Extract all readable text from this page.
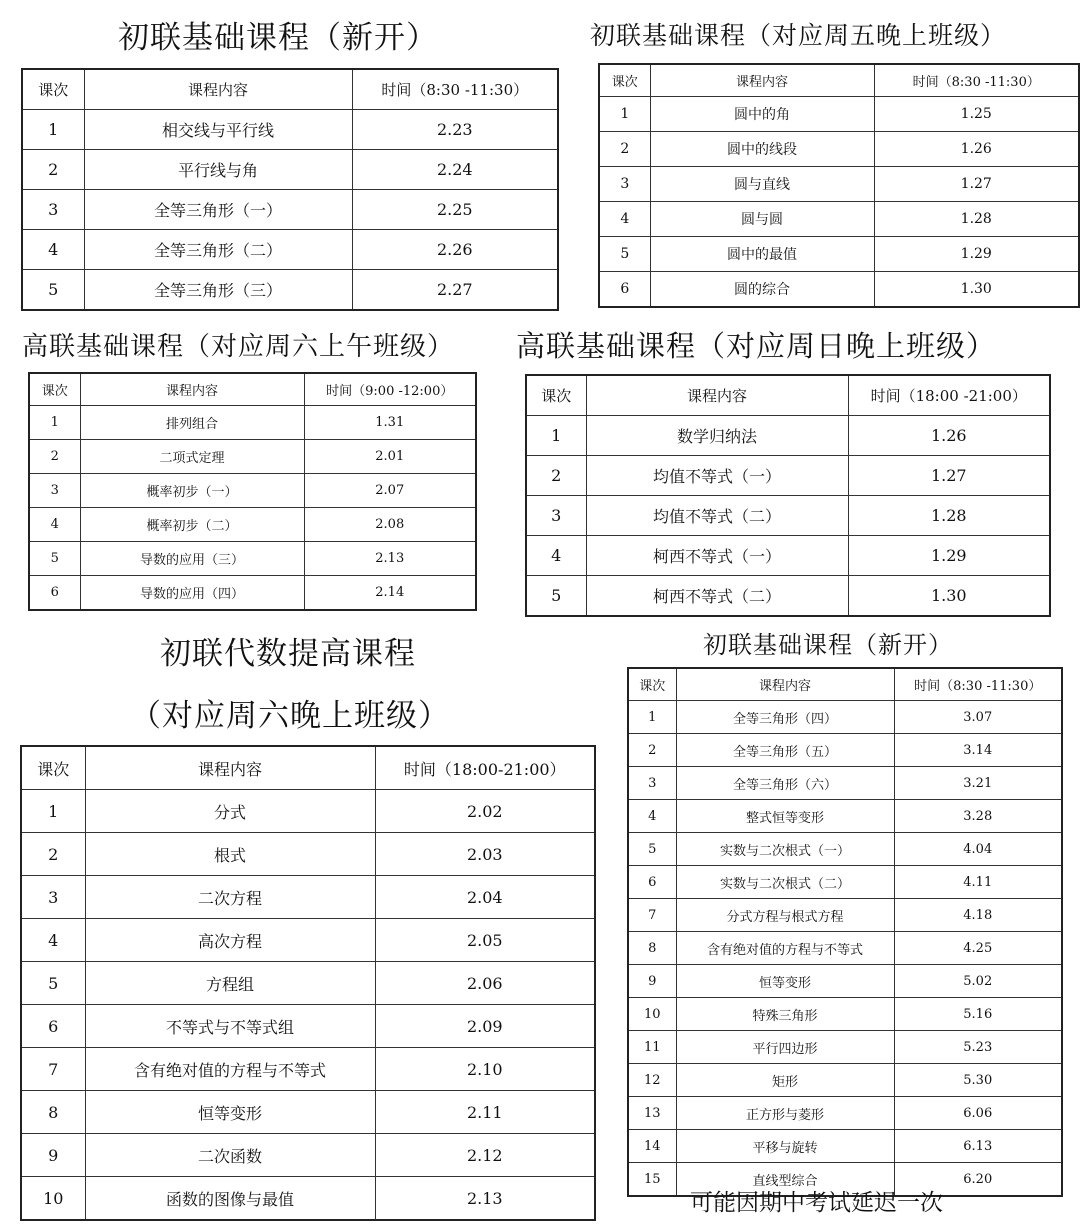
初联基础课程（新开）
课次	课程内容	时间（8:30 -11:30）
1	相交线与平行线	2.23
2	平行线与角	2.24
3	全等三角形（一）	2.25
4	全等三角形（二）	2.26
5	全等三角形（三）	2.27
初联基础课程（对应周五晚上班级）
课次	课程内容	时间（8:30 -11:30）
1	圆中的角	1.25
2	圆中的线段	1.26
3	圆与直线	1.27
4	圆与圆	1.28
5	圆中的最值	1.29
6	圆的综合	1.30
高联基础课程（对应周六上午班级）
课次	课程内容	时间（9:00 -12:00）
1	排列组合	1.31
2	二项式定理	2.01
3	概率初步（一）	2.07
4	概率初步（二）	2.08
5	导数的应用（三）	2.13
6	导数的应用（四）	2.14
高联基础课程（对应周日晚上班级）
课次	课程内容	时间（18:00 -21:00）
1	数学归纳法	1.26
2	均值不等式（一）	1.27
3	均值不等式（二）	1.28
4	柯西不等式（一）	1.29
5	柯西不等式（二）	1.30
初联代数提高课程
（对应周六晚上班级）
课次	课程内容	时间（18:00-21:00）
1	分式	2.02
2	根式	2.03
3	二次方程	2.04
4	高次方程	2.05
5	方程组	2.06
6	不等式与不等式组	2.09
7	含有绝对值的方程与不等式	2.10
8	恒等变形	2.11
9	二次函数	2.12
10	函数的图像与最值	2.13
初联基础课程（新开）
课次	课程内容	时间（8:30 -11:30）
1	全等三角形（四）	3.07
2	全等三角形（五）	3.14
3	全等三角形（六）	3.21
4	整式恒等变形	3.28
5	实数与二次根式（一）	4.04
6	实数与二次根式（二）	4.11
7	分式方程与根式方程	4.18
8	含有绝对值的方程与不等式	4.25
9	恒等变形	5.02
10	特殊三角形	5.16
11	平行四边形	5.23
12	矩形	5.30
13	正方形与菱形	6.06
14	平移与旋转	6.13
15	直线型综合	6.20
可能因期中考试延迟一次
